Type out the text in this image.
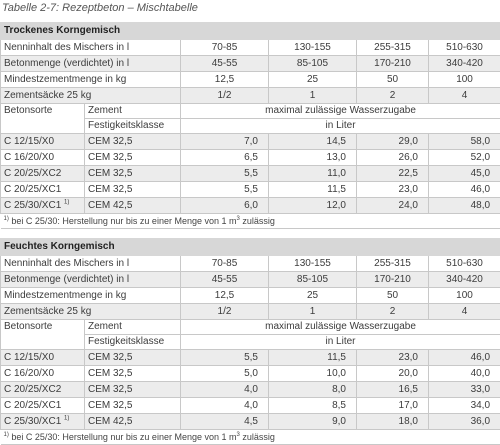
Tabelle 2-7: Rezeptbeton – Mischtabelle
Trockenes Korngemisch					
Nenninhalt des Mischers in l		70-85	130-155	255-315	510-630
Betonmenge (verdichtet) in l		45-55	85-105	170-210	340-420
Mindestzementmenge in kg		12,5	25	50	100
Zementsäcke 25 kg		1/2	1	2	4
Betonsorte	Zement	maximal zulässige Wasserzugabe			
	Festigkeitsklasse	in Liter			
C 12/15/X0	CEM 32,5	7,0	14,5	29,0	58,0
C 16/20/X0	CEM 32,5	6,5	13,0	26,0	52,0
C 20/25/XC2	CEM 32,5	5,5	11,0	22,5	45,0
C 20/25/XC1	CEM 32,5	5,5	11,5	23,0	46,0
C 25/30/XC1 $^{1)}$	CEM 42,5	6,0	12,0	24,0	48,0
$^{1)}$ bei C 25/30: Herstellung nur bis zu einer Menge von 1 $m^3$ zulässig					
Feuchtes Korngemisch					
Nenninhalt des Mischers in l		70-85	130-155	255-315	510-630
Betonmenge (verdichtet) in l		45-55	85-105	170-210	340-420
Mindestzementmenge in kg		12,5	25	50	100
Zementsäcke 25 kg		1/2	1	2	4
Betonsorte	Zement	maximal zulässige Wasserzugabe			
	Festigkeitsklasse	in Liter			
C 12/15/X0	CEM 32,5	5,5	11,5	23,0	46,0
C 16/20/X0	CEM 32,5	5,0	10,0	20,0	40,0
C 20/25/XC2	CEM 32,5	4,0	8,0	16,5	33,0
C 20/25/XC1	CEM 32,5	4,0	8,5	17,0	34,0
C 25/30/XC1 $^{1)}$	CEM 42,5	4,5	9,0	18,0	36,0
$^{1)}$ bei C 25/30: Herstellung nur bis zu einer Menge von 1 $m^3$ zulässig					
